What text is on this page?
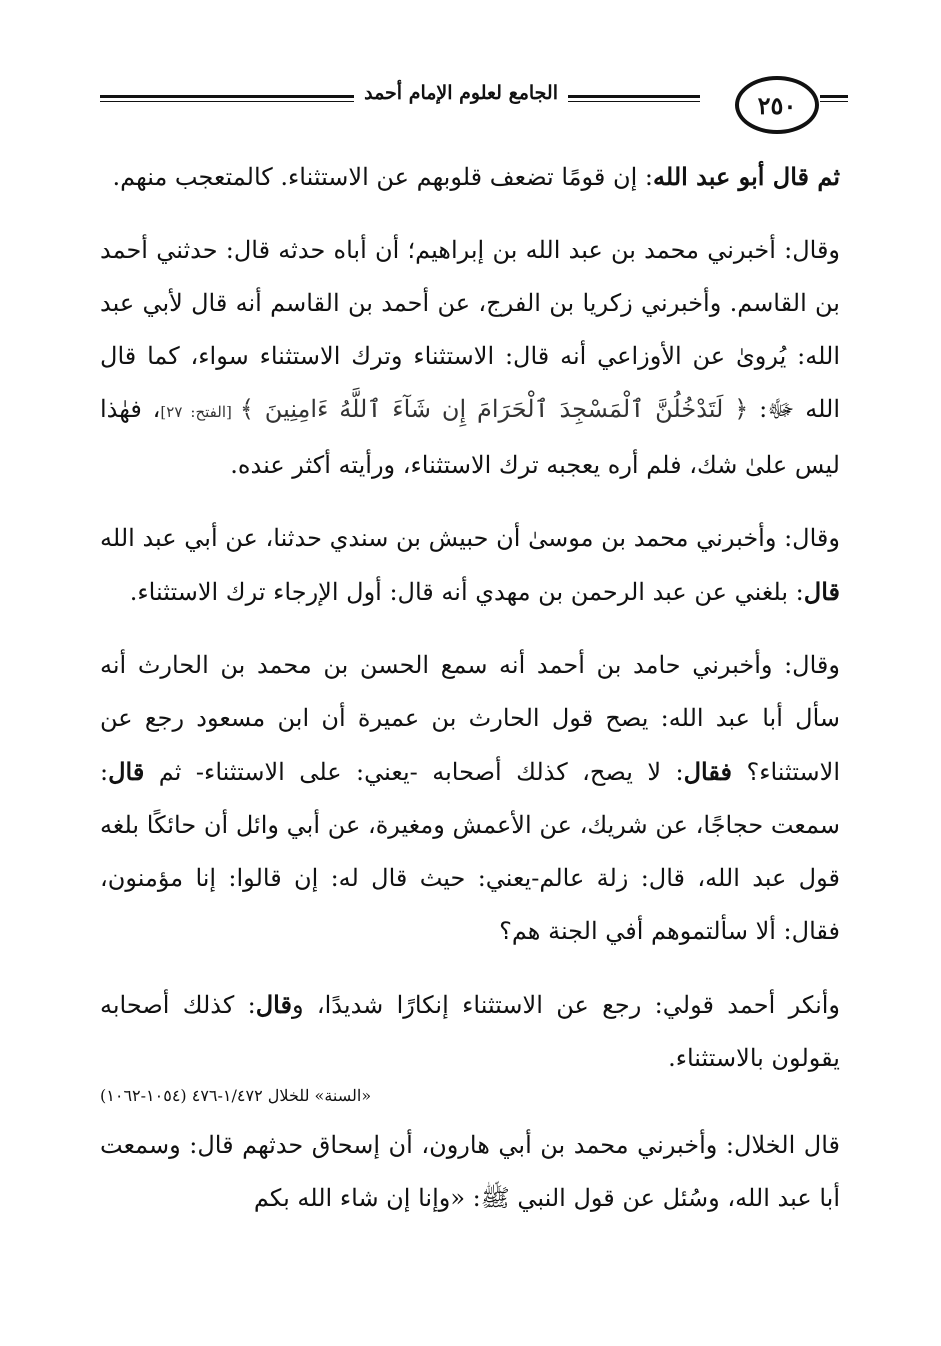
الجامع لعلوم الإمام أحمد	٢٥٠

ثم قال أبو عبد الله: إن قومًا تضعف قلوبهم عن الاستثناء. كالمتعجب منهم.

وقال: أخبرني محمد بن عبد الله بن إبراهيم؛ أن أباه حدثه قال: حدثني أحمد بن القاسم. وأخبرني زكريا بن الفرج، عن أحمد بن القاسم أنه قال لأبي عبد الله: يُروىٰ عن الأوزاعي أنه قال: الاستثناء وترك الاستثناء سواء، كما قال الله ﷻ: ﴿ لَتَدْخُلُنَّ ٱلْمَسْجِدَ ٱلْحَرَامَ إِن شَآءَ ٱللَّهُ ءَامِنِينَ ﴾ [الفتح: ٢٧]، فهٰذا ليس علىٰ شك، فلم أره يعجبه ترك الاستثناء، ورأيته أكثر عنده.

وقال: وأخبرني محمد بن موسىٰ أن حبيش بن سندي حدثنا، عن أبي عبد الله قال: بلغني عن عبد الرحمن بن مهدي أنه قال: أول الإرجاء ترك الاستثناء.

وقال: وأخبرني حامد بن أحمد أنه سمع الحسن بن محمد بن الحارث أنه سأل أبا عبد الله: يصح قول الحارث بن عميرة أن ابن مسعود رجع عن الاستثناء؟ فقال: لا يصح، كذلك أصحابه -يعني: على الاستثناء- ثم قال: سمعت حجاجًا، عن شريك، عن الأعمش ومغيرة، عن أبي وائل أن حائكًا بلغه قول عبد الله، قال: زلة عالم-يعني: حيث قال له: إن قالوا: إنا مؤمنون، فقال: ألا سألتموهم أفي الجنة هم؟

وأنكر أحمد قولي: رجع عن الاستثناء إنكارًا شديدًا، وقال: كذلك أصحابه يقولون بالاستثناء.

«السنة» للخلال ١/٤٧٢-٤٧٦ (١٠٥٤-١٠٦٢)

قال الخلال: وأخبرني محمد بن أبي هارون، أن إسحاق حدثهم قال: وسمعت أبا عبد الله، وسُئل عن قول النبي ﷺ: «وإنا إن شاء الله بكم
